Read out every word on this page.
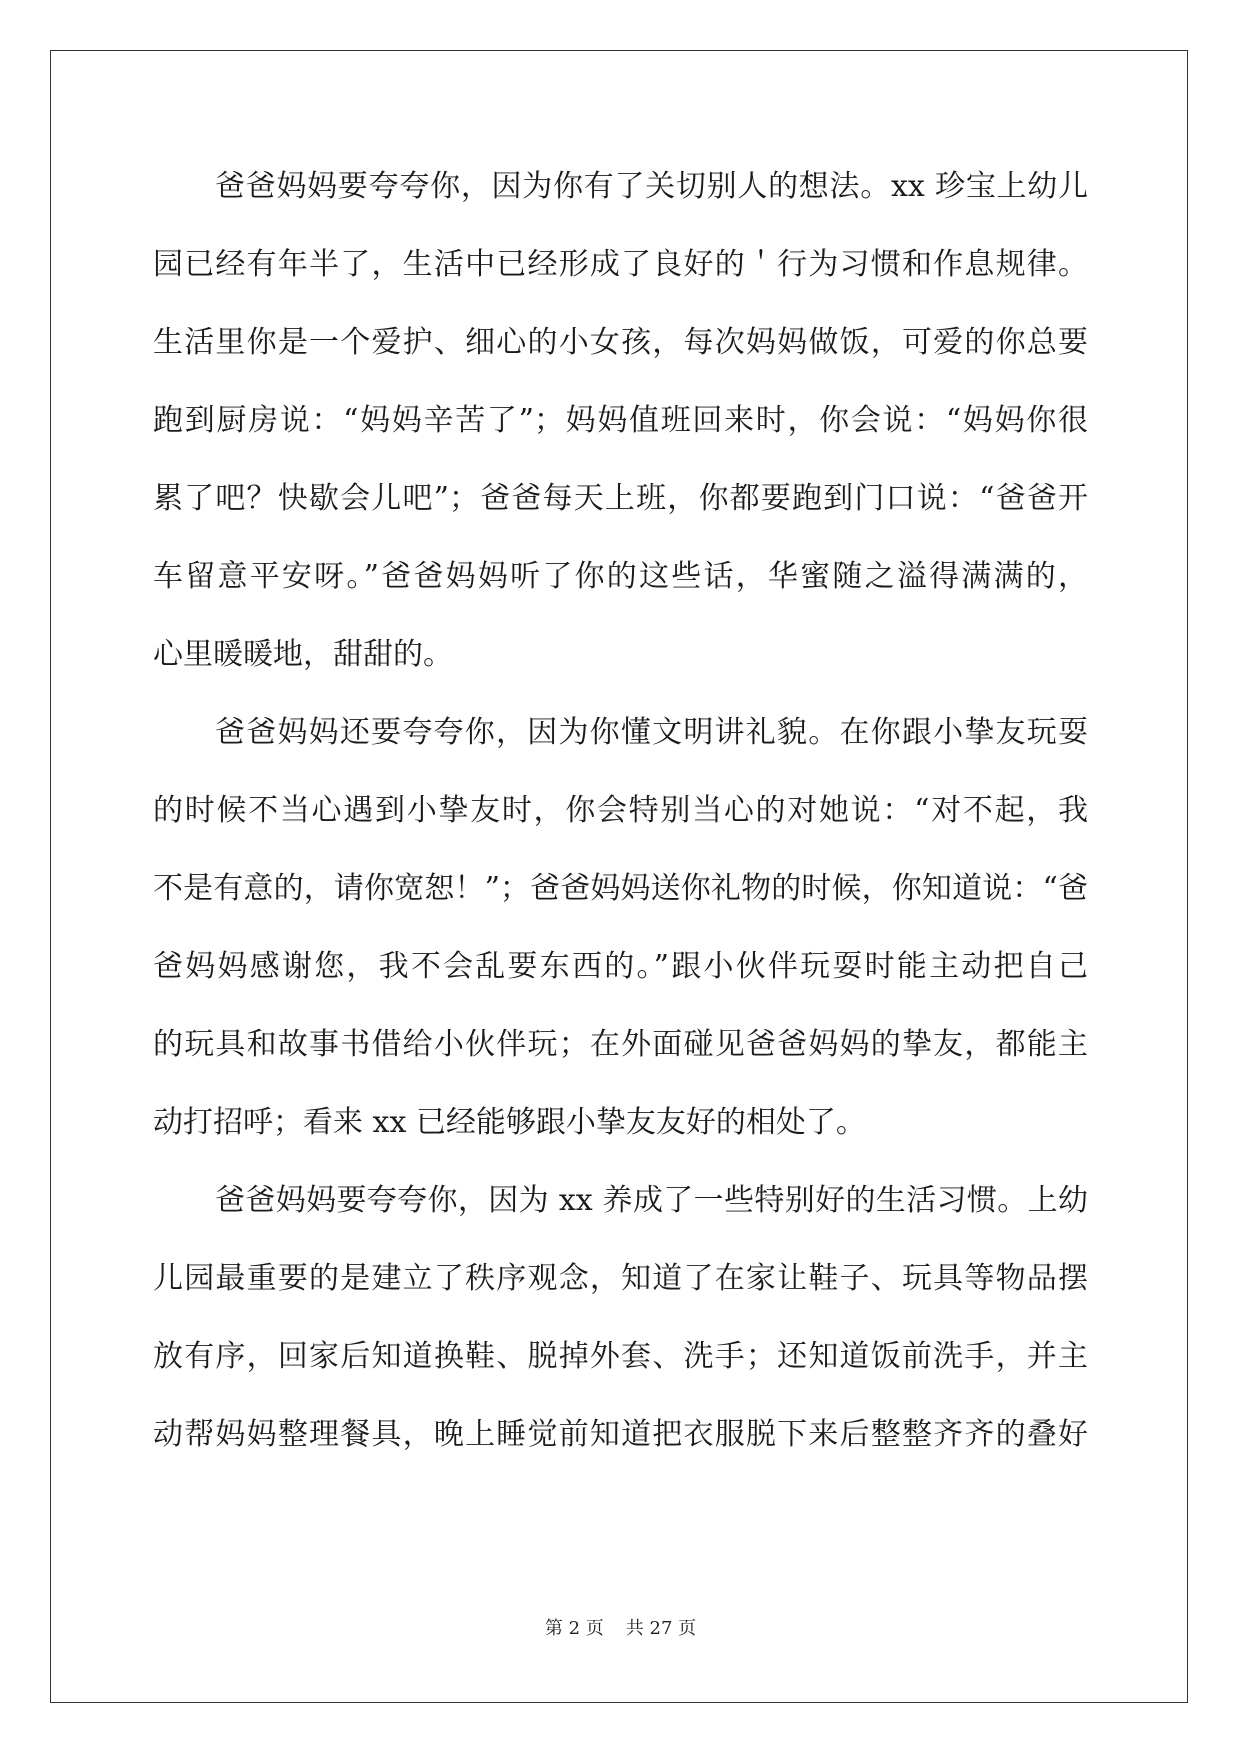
爸爸妈妈要夸夸你，因为你有了关切别人的想法。xx 珍宝上幼儿
园已经有年半了，生活中已经形成了良好的＇行为习惯和作息规律。
生活里你是一个爱护、细心的小女孩，每次妈妈做饭，可爱的你总要
跑到厨房说：“妈妈辛苦了”；妈妈值班回来时，你会说：“妈妈你很
累了吧？快歇会儿吧”；爸爸每天上班，你都要跑到门口说：“爸爸开
车留意平安呀。”爸爸妈妈听了你的这些话，华蜜随之溢得满满的，
心里暖暖地，甜甜的。
爸爸妈妈还要夸夸你，因为你懂文明讲礼貌。在你跟小挚友玩耍
的时候不当心遇到小挚友时，你会特别当心的对她说：“对不起，我
不是有意的，请你宽恕！”；爸爸妈妈送你礼物的时候，你知道说：“爸
爸妈妈感谢您，我不会乱要东西的。”跟小伙伴玩耍时能主动把自己
的玩具和故事书借给小伙伴玩；在外面碰见爸爸妈妈的挚友，都能主
动打招呼；看来 xx 已经能够跟小挚友友好的相处了。
爸爸妈妈要夸夸你，因为 xx 养成了一些特别好的生活习惯。上幼
儿园最重要的是建立了秩序观念，知道了在家让鞋子、玩具等物品摆
放有序，回家后知道换鞋、脱掉外套、洗手；还知道饭前洗手，并主
动帮妈妈整理餐具，晚上睡觉前知道把衣服脱下来后整整齐齐的叠好
第 2 页 共 27 页
